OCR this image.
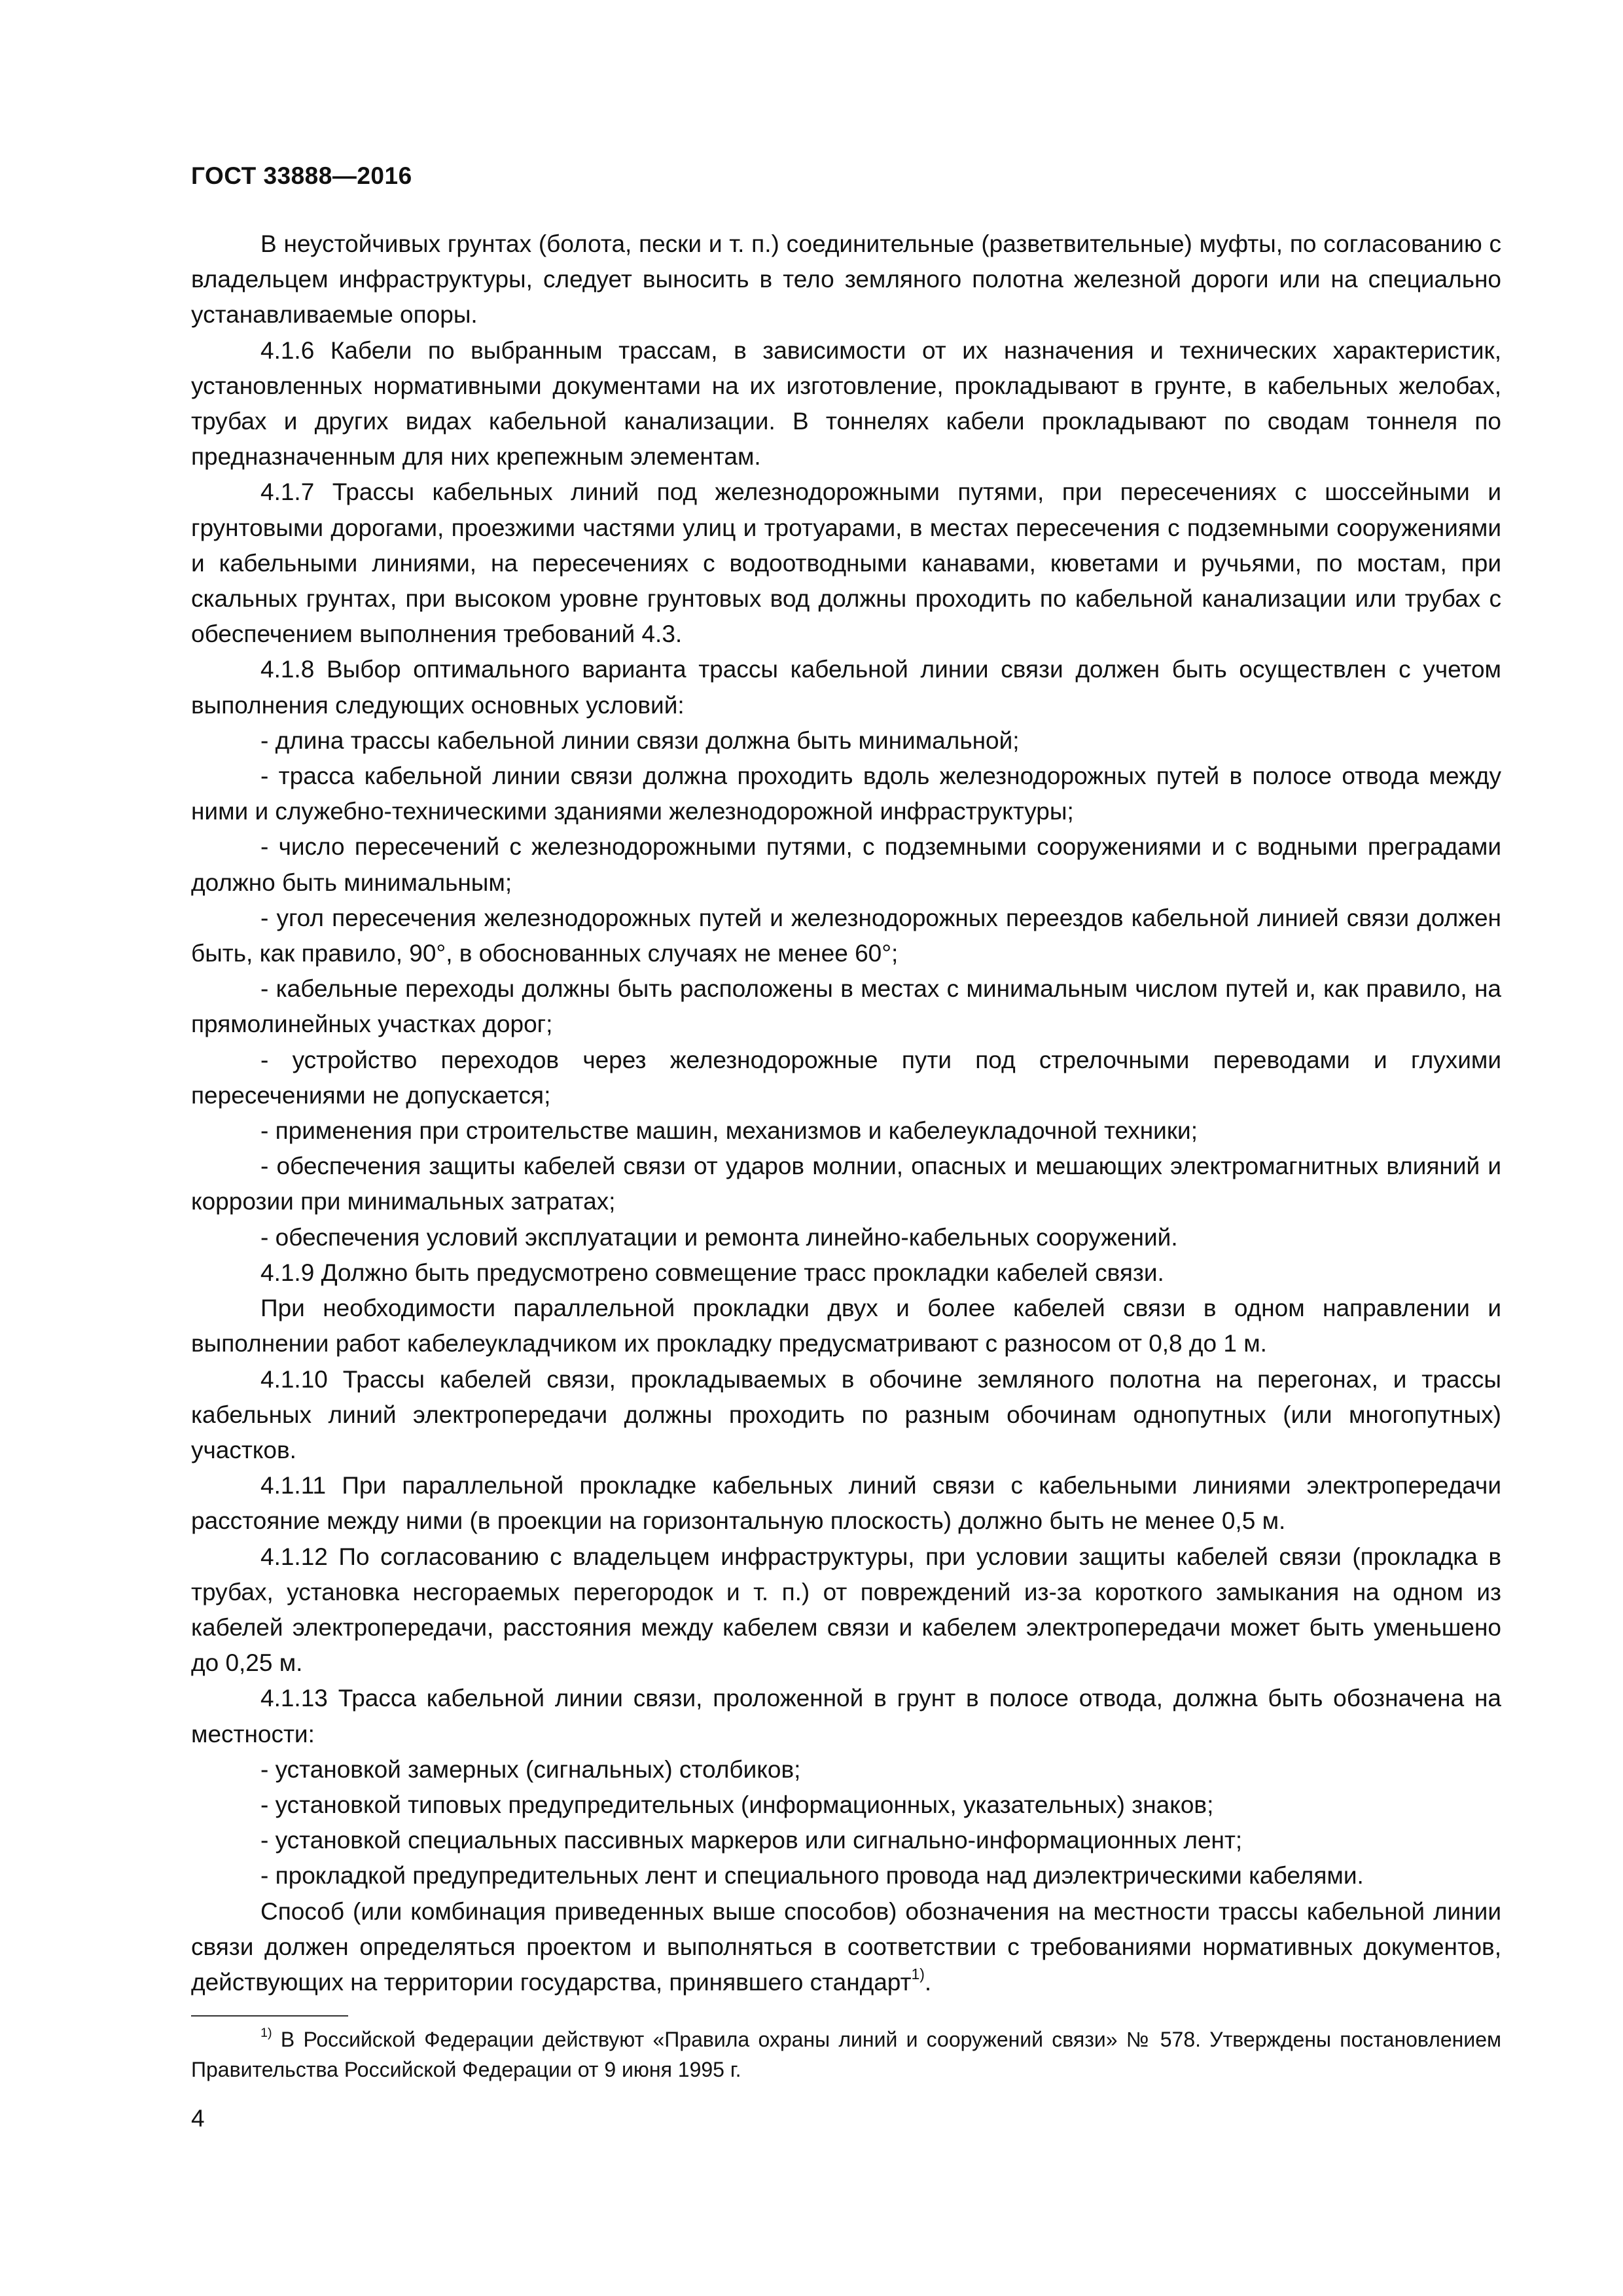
ГОСТ 33888—2016

В неустойчивых грунтах (болота, пески и т. п.) соединительные (разветвительные) муфты, по согласованию с владельцем инфраструктуры, следует выносить в тело земляного полотна железной дороги или на специально устанавливаемые опоры.

4.1.6 Кабели по выбранным трассам, в зависимости от их назначения и технических характеристик, установленных нормативными документами на их изготовление, прокладывают в грунте, в кабельных желобах, трубах и других видах кабельной канализации. В тоннелях кабели прокладывают по сводам тоннеля по предназначенным для них крепежным элементам.

4.1.7 Трассы кабельных линий под железнодорожными путями, при пересечениях с шоссейными и грунтовыми дорогами, проезжими частями улиц и тротуарами, в местах пересечения с подземными сооружениями и кабельными линиями, на пересечениях с водоотводными канавами, кюветами и ручьями, по мостам, при скальных грунтах, при высоком уровне грунтовых вод должны проходить по кабельной канализации или трубах с обеспечением выполнения требований 4.3.

4.1.8 Выбор оптимального варианта трассы кабельной линии связи должен быть осуществлен с учетом выполнения следующих основных условий:

- длина трассы кабельной линии связи должна быть минимальной;

- трасса кабельной линии связи должна проходить вдоль железнодорожных путей в полосе отвода между ними и служебно-техническими зданиями железнодорожной инфраструктуры;

- число пересечений с железнодорожными путями, с подземными сооружениями и с водными преградами должно быть минимальным;

- угол пересечения железнодорожных путей и железнодорожных переездов кабельной линией связи должен быть, как правило, 90°, в обоснованных случаях не менее 60°;

- кабельные переходы должны быть расположены в местах с минимальным числом путей и, как правило, на прямолинейных участках дорог;

- устройство переходов через железнодорожные пути под стрелочными переводами и глухими пересечениями не допускается;

- применения при строительстве машин, механизмов и кабелеукладочной техники;

- обеспечения защиты кабелей связи от ударов молнии, опасных и мешающих электромагнитных влияний и коррозии при минимальных затратах;

- обеспечения условий эксплуатации и ремонта линейно-кабельных сооружений.

4.1.9 Должно быть предусмотрено совмещение трасс прокладки кабелей связи.

При необходимости параллельной прокладки двух и более кабелей связи в одном направлении и выполнении работ кабелеукладчиком их прокладку предусматривают с разносом от 0,8 до 1 м.

4.1.10 Трассы кабелей связи, прокладываемых в обочине земляного полотна на перегонах, и трассы кабельных линий электропередачи должны проходить по разным обочинам однопутных (или многопутных) участков.

4.1.11 При параллельной прокладке кабельных линий связи с кабельными линиями электропередачи расстояние между ними (в проекции на горизонтальную плоскость) должно быть не менее 0,5 м.

4.1.12 По согласованию с владельцем инфраструктуры, при условии защиты кабелей связи (прокладка в трубах, установка несгораемых перегородок и т. п.) от повреждений из-за короткого замыкания на одном из кабелей электропередачи, расстояния между кабелем связи и кабелем электропередачи может быть уменьшено до 0,25 м.

4.1.13 Трасса кабельной линии связи, проложенной в грунт в полосе отвода, должна быть обозначена на местности:

- установкой замерных (сигнальных) столбиков;

- установкой типовых предупредительных (информационных, указательных) знаков;

- установкой специальных пассивных маркеров или сигнально-информационных лент;

- прокладкой предупредительных лент и специального провода над диэлектрическими кабелями.

Способ (или комбинация приведенных выше способов) обозначения на местности трассы кабельной линии связи должен определяться проектом и выполняться в соответствии с требованиями нормативных документов, действующих на территории государства, принявшего стандарт$^{1)}$.

$^{1)}$ В Российской Федерации действуют «Правила охраны линий и сооружений связи» № 578. Утверждены постановлением Правительства Российской Федерации от 9 июня 1995 г.
4
